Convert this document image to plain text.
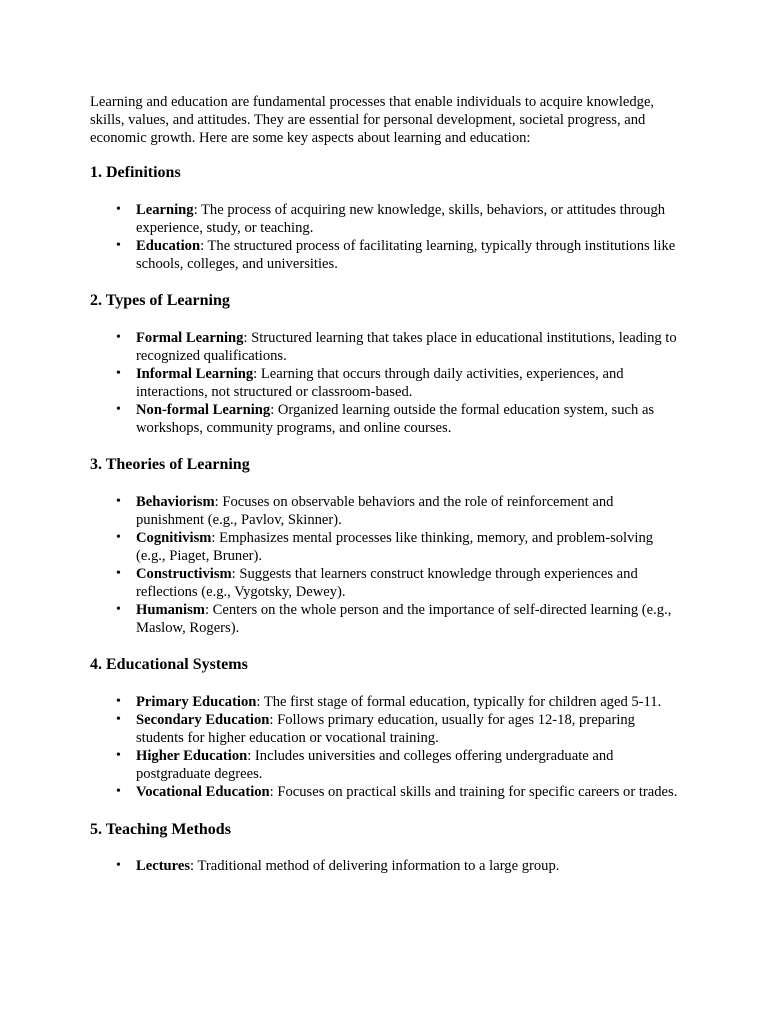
Learning and education are fundamental processes that enable individuals to acquire knowledge, skills, values, and attitudes. They are essential for personal development, societal progress, and economic growth. Here are some key aspects about learning and education:

1. Definitions
• Learning: The process of acquiring new knowledge, skills, behaviors, or attitudes through experience, study, or teaching.
• Education: The structured process of facilitating learning, typically through institutions like schools, colleges, and universities.
2. Types of Learning
• Formal Learning: Structured learning that takes place in educational institutions, leading to recognized qualifications.
• Informal Learning: Learning that occurs through daily activities, experiences, and interactions, not structured or classroom-based.
• Non-formal Learning: Organized learning outside the formal education system, such as workshops, community programs, and online courses.
3. Theories of Learning
• Behaviorism: Focuses on observable behaviors and the role of reinforcement and punishment (e.g., Pavlov, Skinner).
• Cognitivism: Emphasizes mental processes like thinking, memory, and problem-solving (e.g., Piaget, Bruner).
• Constructivism: Suggests that learners construct knowledge through experiences and reflections (e.g., Vygotsky, Dewey).
• Humanism: Centers on the whole person and the importance of self-directed learning (e.g., Maslow, Rogers).
4. Educational Systems
• Primary Education: The first stage of formal education, typically for children aged 5-11.
• Secondary Education: Follows primary education, usually for ages 12-18, preparing students for higher education or vocational training.
• Higher Education: Includes universities and colleges offering undergraduate and postgraduate degrees.
• Vocational Education: Focuses on practical skills and training for specific careers or trades.
5. Teaching Methods
• Lectures: Traditional method of delivering information to a large group.
